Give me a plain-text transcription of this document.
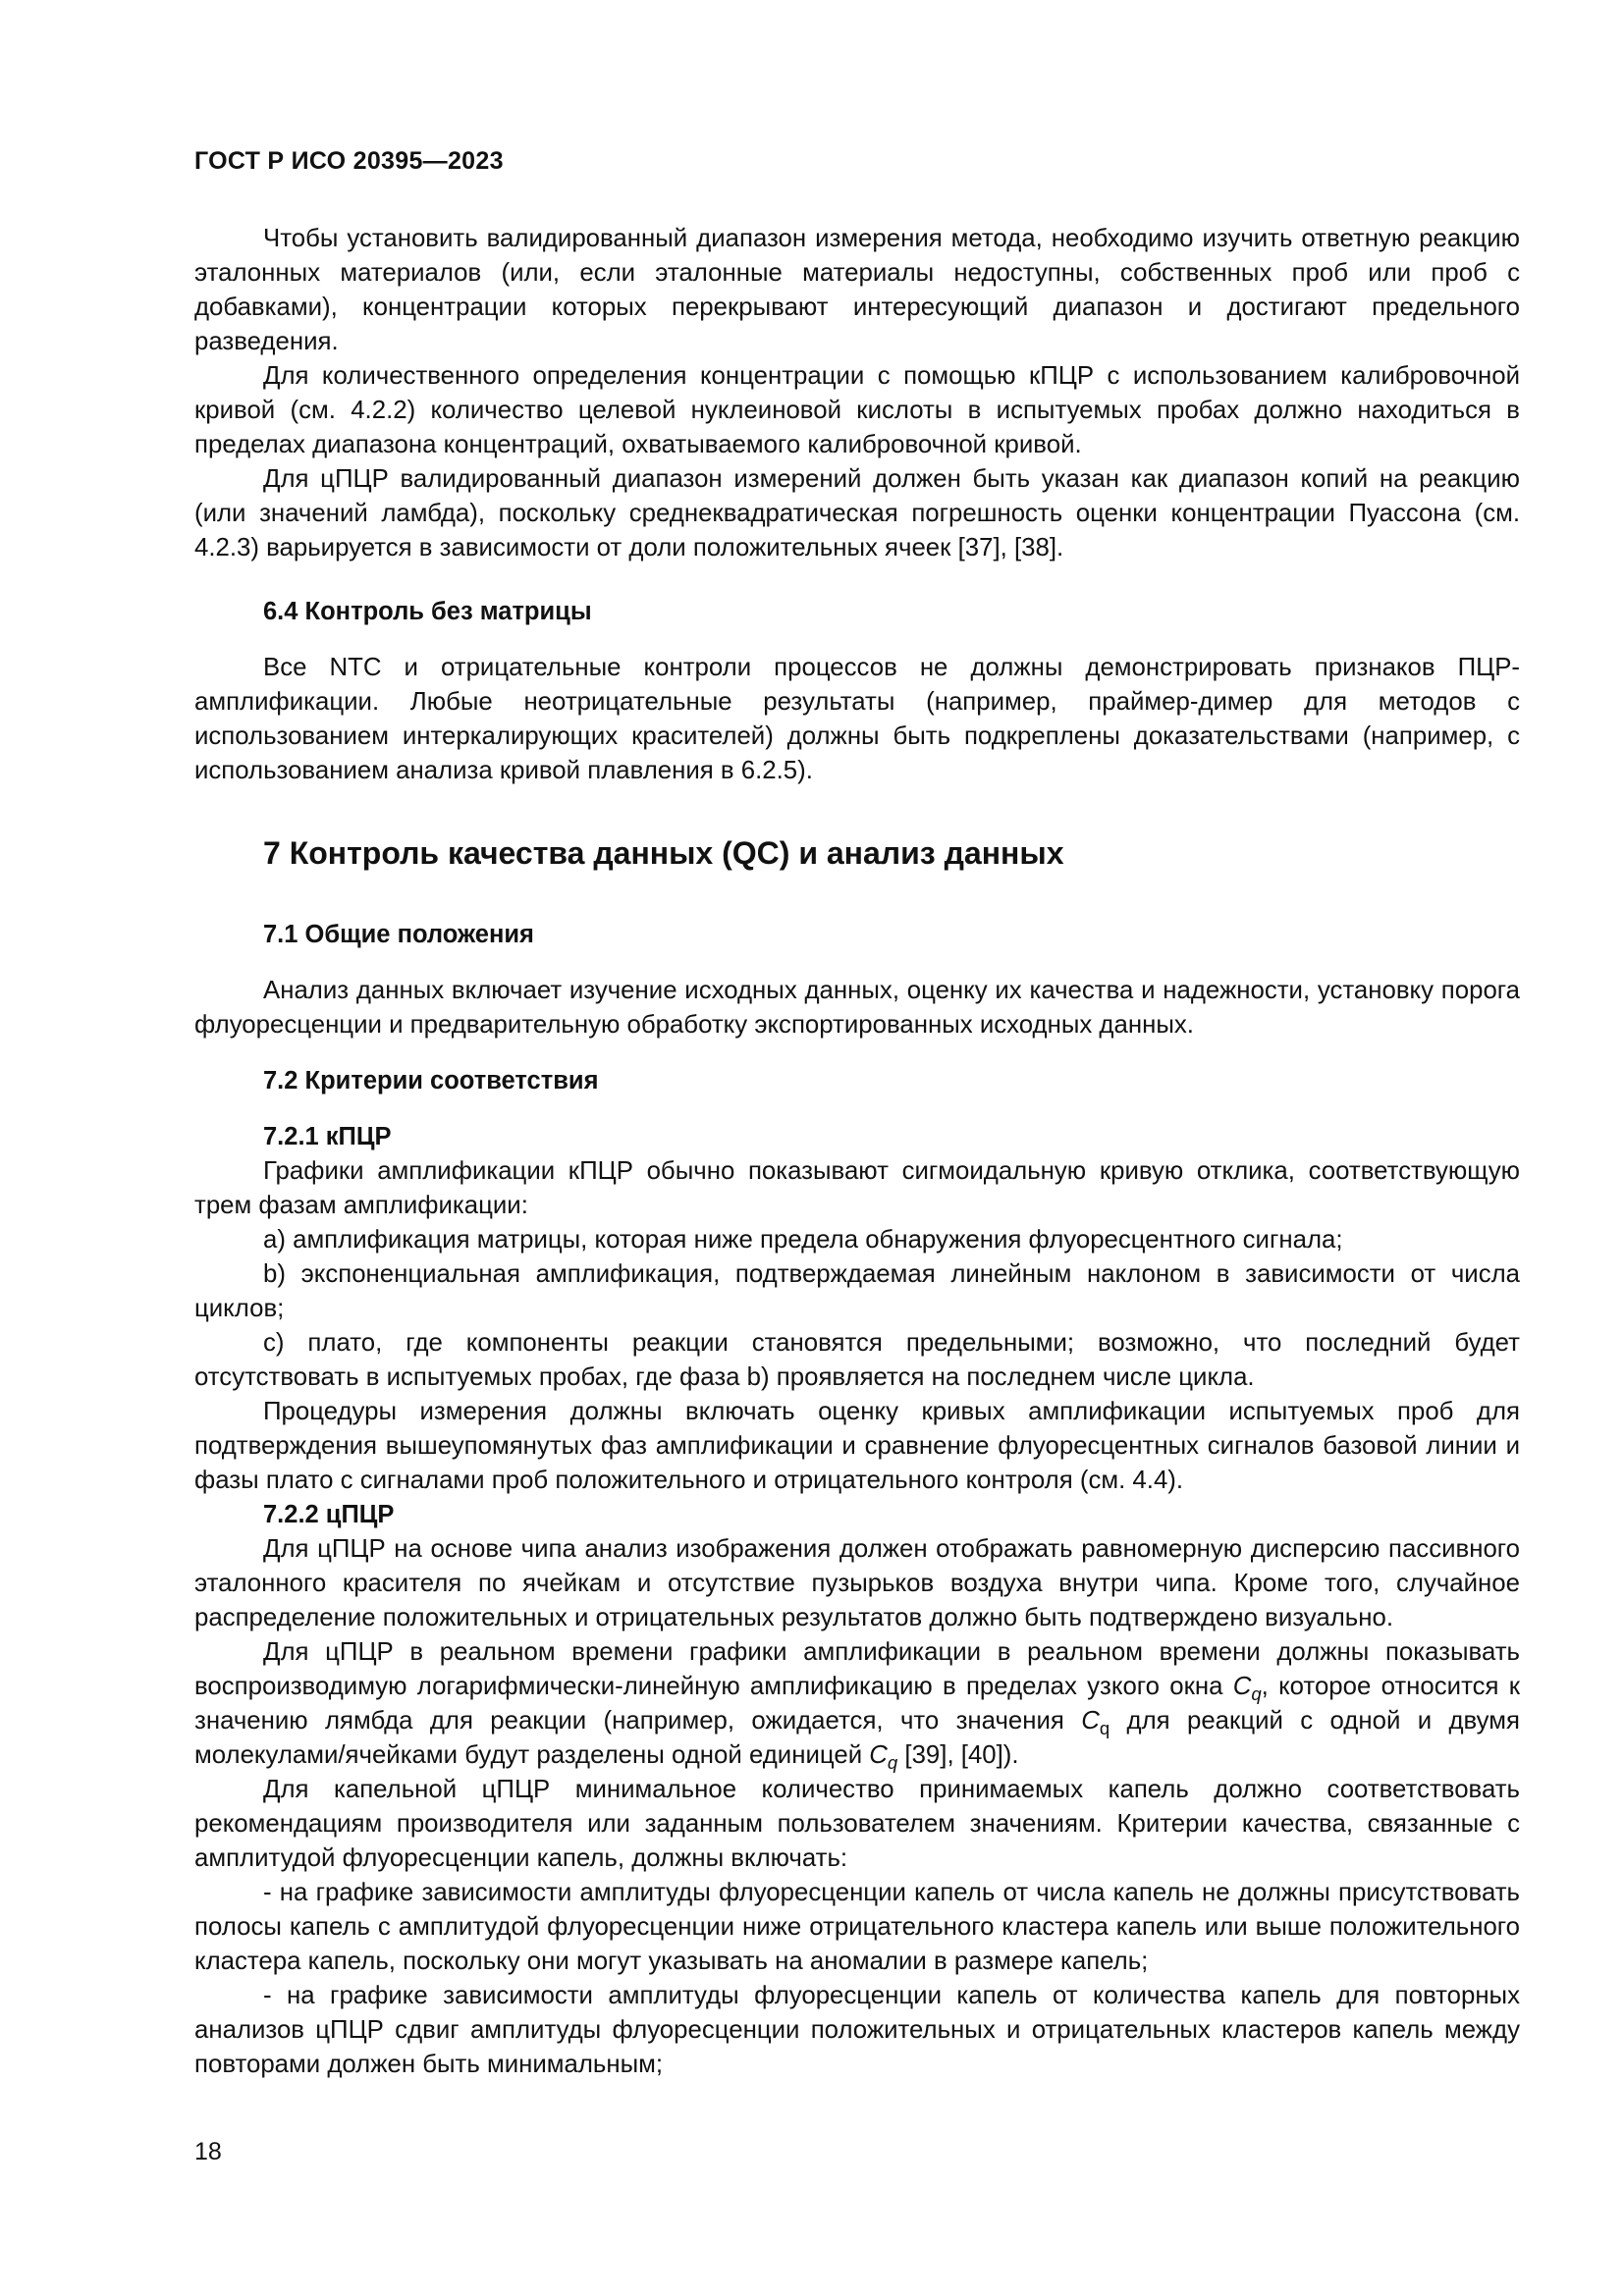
ГОСТ Р ИСО 20395—2023

Чтобы установить валидированный диапазон измерения метода, необходимо изучить ответную реакцию эталонных материалов (или, если эталонные материалы недоступны, собственных проб или проб с добавками), концентрации которых перекрывают интересующий диапазон и достигают предельного разведения.

Для количественного определения концентрации с помощью кПЦР с использованием калибровочной кривой (см. 4.2.2) количество целевой нуклеиновой кислоты в испытуемых пробах должно находиться в пределах диапазона концентраций, охватываемого калибровочной кривой.

Для цПЦР валидированный диапазон измерений должен быть указан как диапазон копий на реакцию (или значений ламбда), поскольку среднеквадратическая погрешность оценки концентрации Пуассона (см. 4.2.3) варьируется в зависимости от доли положительных ячеек [37], [38].

6.4 Контроль без матрицы

Все NTC и отрицательные контроли процессов не должны демонстрировать признаков ПЦР-амплификации. Любые неотрицательные результаты (например, праймер-димер для методов с использованием интеркалирующих красителей) должны быть подкреплены доказательствами (например, с использованием анализа кривой плавления в 6.2.5).

7 Контроль качества данных (QC) и анализ данных
7.1 Общие положения

Анализ данных включает изучение исходных данных, оценку их качества и надежности, установку порога флуоресценции и предварительную обработку экспортированных исходных данных.

7.2 Критерии соответствия
7.2.1 кПЦР

Графики амплификации кПЦР обычно показывают сигмоидальную кривую отклика, соответствующую трем фазам амплификации:

a) амплификация матрицы, которая ниже предела обнаружения флуоресцентного сигнала;

b) экспоненциальная амплификация, подтверждаемая линейным наклоном в зависимости от числа циклов;

c) плато, где компоненты реакции становятся предельными; возможно, что последний будет отсутствовать в испытуемых пробах, где фаза b) проявляется на последнем числе цикла.

Процедуры измерения должны включать оценку кривых амплификации испытуемых проб для подтверждения вышеупомянутых фаз амплификации и сравнение флуоресцентных сигналов базовой линии и фазы плато с сигналами проб положительного и отрицательного контроля (см. 4.4).

7.2.2 цПЦР

Для цПЦР на основе чипа анализ изображения должен отображать равномерную дисперсию пассивного эталонного красителя по ячейкам и отсутствие пузырьков воздуха внутри чипа. Кроме того, случайное распределение положительных и отрицательных результатов должно быть подтверждено визуально.

Для цПЦР в реальном времени графики амплификации в реальном времени должны показывать воспроизводимую логарифмически-линейную амплификацию в пределах узкого окна $C_q$, которое относится к значению лямбда для реакции (например, ожидается, что значения $C_q$ для реакций с одной и двумя молекулами/ячейками будут разделены одной единицей $C_q$ [39], [40]).

Для капельной цПЦР минимальное количество принимаемых капель должно соответствовать рекомендациям производителя или заданным пользователем значениям. Критерии качества, связанные с амплитудой флуоресценции капель, должны включать:

- на графике зависимости амплитуды флуоресценции капель от числа капель не должны присутствовать полосы капель с амплитудой флуоресценции ниже отрицательного кластера капель или выше положительного кластера капель, поскольку они могут указывать на аномалии в размере капель;

- на графике зависимости амплитуды флуоресценции капель от количества капель для повторных анализов цПЦР сдвиг амплитуды флуоресценции положительных и отрицательных кластеров капель между повторами должен быть минимальным;

18
